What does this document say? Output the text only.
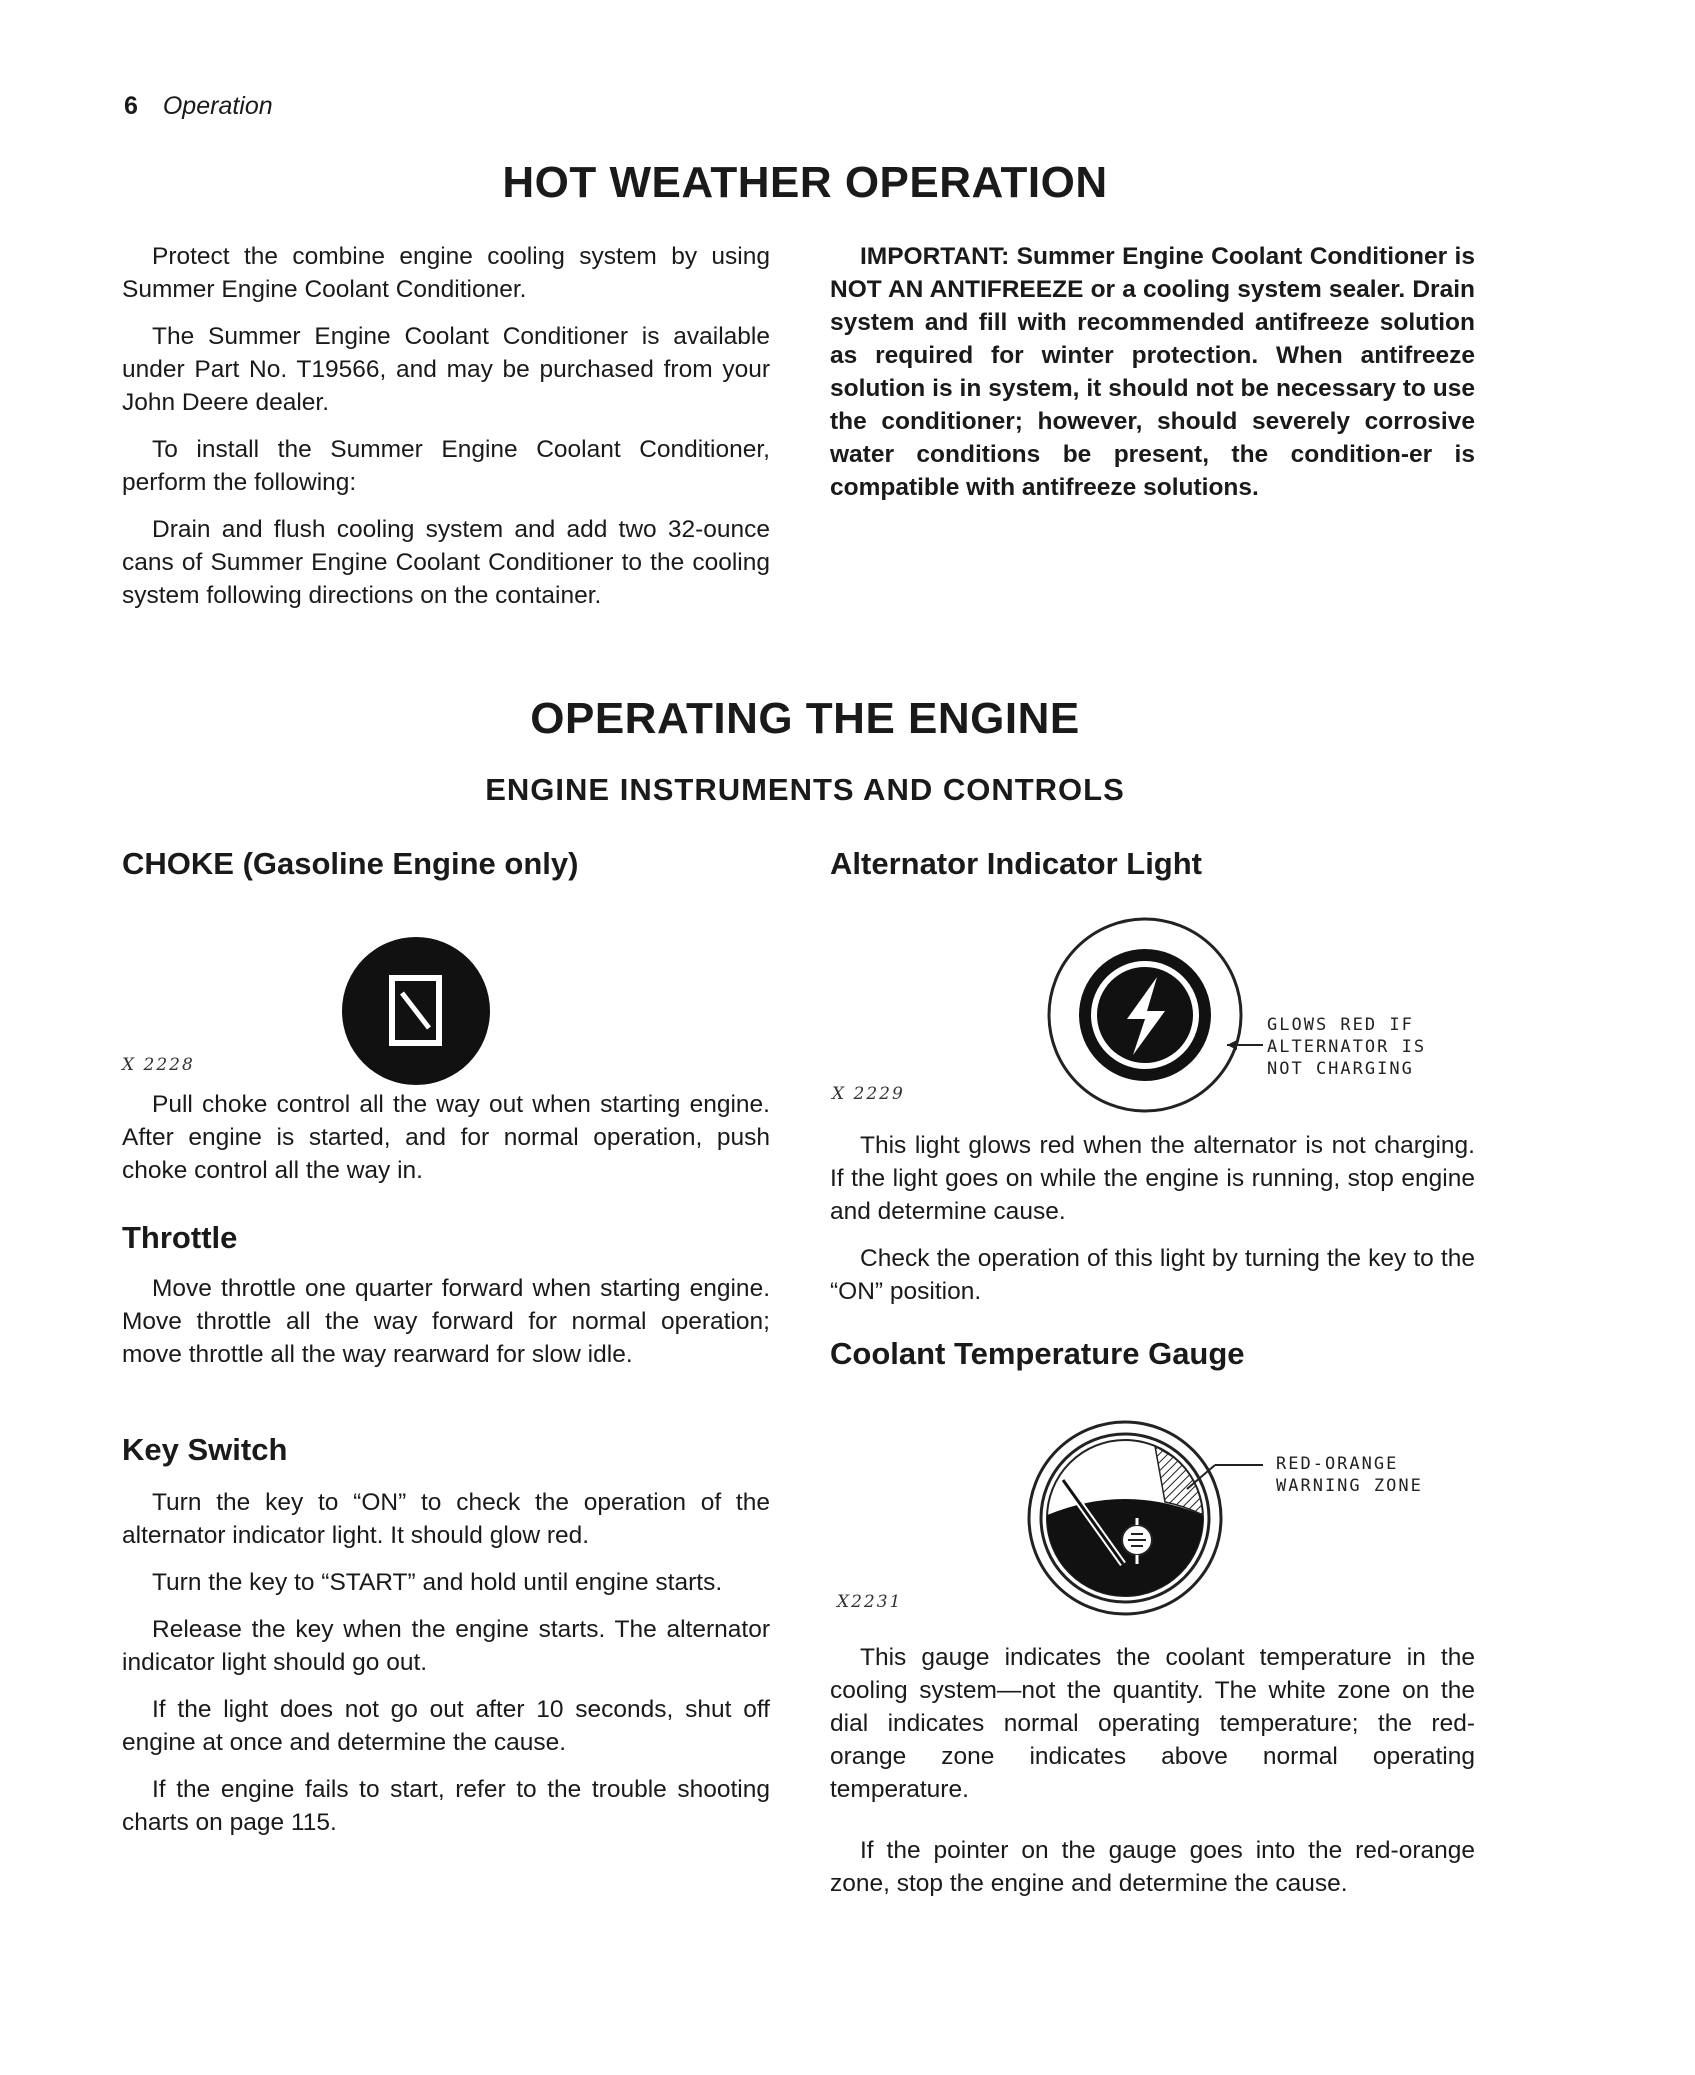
6 Operation
HOT WEATHER OPERATION

Protect the combine engine cooling system by using Summer Engine Coolant Conditioner.

The Summer Engine Coolant Conditioner is available under Part No. T19566, and may be purchased from your John Deere dealer.

To install the Summer Engine Coolant Conditioner, perform the following:

Drain and flush cooling system and add two 32-ounce cans of Summer Engine Coolant Conditioner to the cooling system following directions on the container.

IMPORTANT: Summer Engine Coolant Conditioner is NOT AN ANTIFREEZE or a cooling system sealer. Drain system and fill with recommended antifreeze solution as required for winter protection. When antifreeze solution is in system, it should not be necessary to use the conditioner; however, should severely corrosive water conditions be present, the condition-er is compatible with antifreeze solutions.

OPERATING THE ENGINE
ENGINE INSTRUMENTS AND CONTROLS
CHOKE (Gasoline Engine only)
X 2228

Pull choke control all the way out when starting engine. After engine is started, and for normal operation, push choke control all the way in.

Throttle

Move throttle one quarter forward when starting engine. Move throttle all the way forward for normal operation; move throttle all the way rearward for slow idle.

Key Switch

Turn the key to “ON” to check the operation of the alternator indicator light. It should glow red.

Turn the key to “START” and hold until engine starts.

Release the key when the engine starts. The alternator indicator light should go out.

If the light does not go out after 10 seconds, shut off engine at once and determine the cause.

If the engine fails to start, refer to the trouble shooting charts on page 115.

Alternator Indicator Light
GLOWS RED IF
ALTERNATOR IS
NOT CHARGING
X 2229

This light glows red when the alternator is not charging. If the light goes on while the engine is running, stop engine and determine cause.

Check the operation of this light by turning the key to the “ON” position.

Coolant Temperature Gauge
RED-ORANGE
WARNING ZONE
X2231

This gauge indicates the coolant temperature in the cooling system—not the quantity. The white zone on the dial indicates normal operating temperature; the red-orange zone indicates above normal operating temperature.

If the pointer on the gauge goes into the red-orange zone, stop the engine and determine the cause.
